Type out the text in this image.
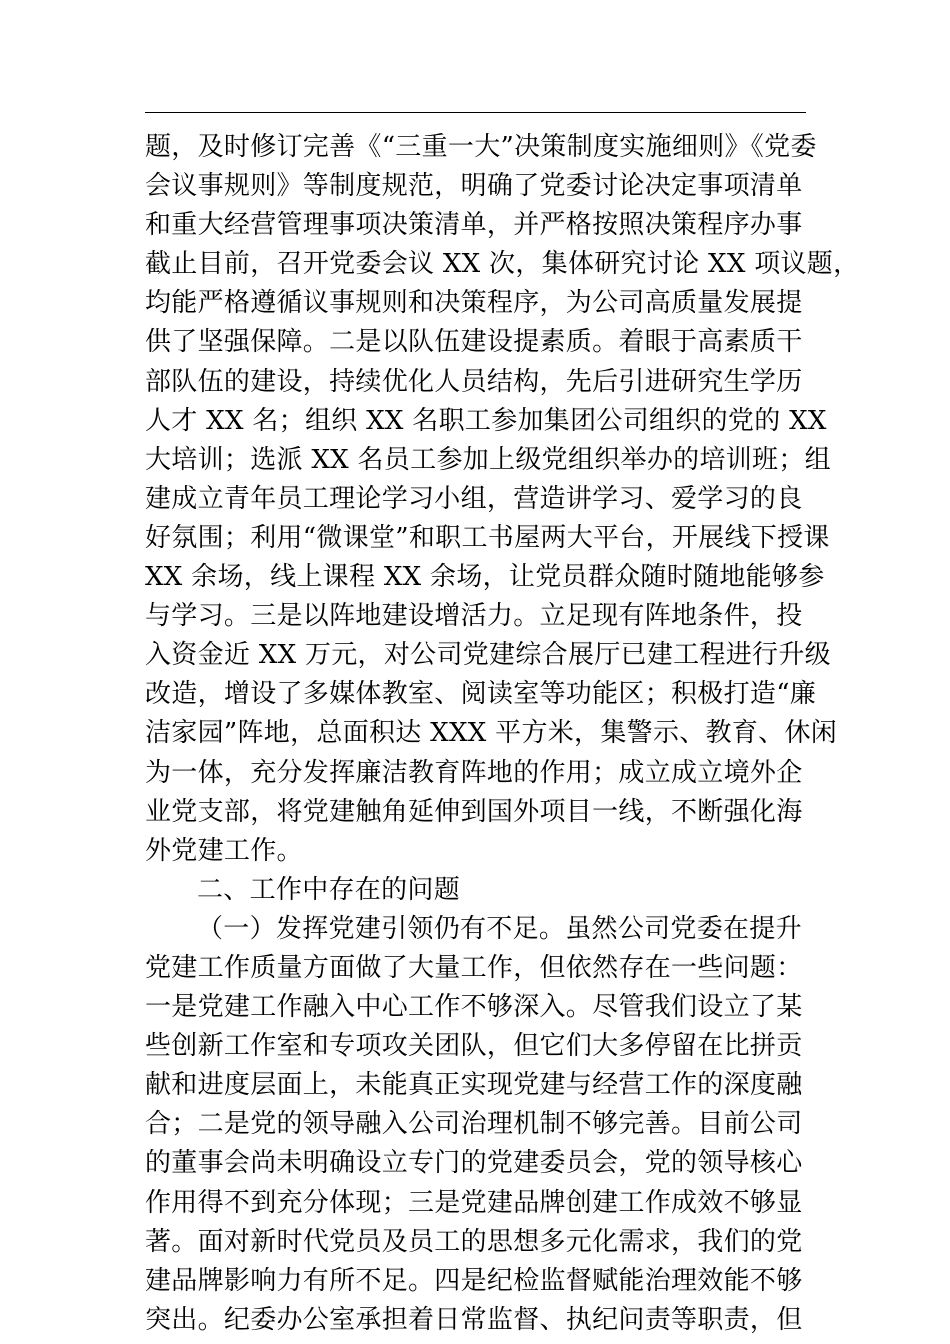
题，及时修订完善《“三重一大”决策制度实施细则》《党委
会议事规则》等制度规范，明确了党委讨论决定事项清单
和重大经营管理事项决策清单，并严格按照决策程序办事
截止目前，召开党委会议 XX 次，集体研究讨论 XX 项议题，
均能严格遵循议事规则和决策程序，为公司高质量发展提
供了坚强保障。二是以队伍建设提素质。着眼于高素质干
部队伍的建设，持续优化人员结构，先后引进研究生学历
人才 XX 名；组织 XX 名职工参加集团公司组织的党的 XX
大培训；选派 XX 名员工参加上级党组织举办的培训班；组
建成立青年员工理论学习小组，营造讲学习、爱学习的良
好氛围；利用“微课堂”和职工书屋两大平台，开展线下授课
XX 余场，线上课程 XX 余场，让党员群众随时随地能够参
与学习。三是以阵地建设增活力。立足现有阵地条件，投
入资金近 XX 万元，对公司党建综合展厅已建工程进行升级
改造，增设了多媒体教室、阅读室等功能区；积极打造“廉
洁家园”阵地，总面积达 XXX 平方米，集警示、教育、休闲
为一体，充分发挥廉洁教育阵地的作用；成立成立境外企
业党支部，将党建触角延伸到国外项目一线，不断强化海
外党建工作。
二、工作中存在的问题
（一）发挥党建引领仍有不足。虽然公司党委在提升
党建工作质量方面做了大量工作，但依然存在一些问题：
一是党建工作融入中心工作不够深入。尽管我们设立了某
些创新工作室和专项攻关团队，但它们大多停留在比拼贡
献和进度层面上，未能真正实现党建与经营工作的深度融
合；二是党的领导融入公司治理机制不够完善。目前公司
的董事会尚未明确设立专门的党建委员会，党的领导核心
作用得不到充分体现；三是党建品牌创建工作成效不够显
著。面对新时代党员及员工的思想多元化需求，我们的党
建品牌影响力有所不足。四是纪检监督赋能治理效能不够
突出。纪委办公室承担着日常监督、执纪问责等职责，但
